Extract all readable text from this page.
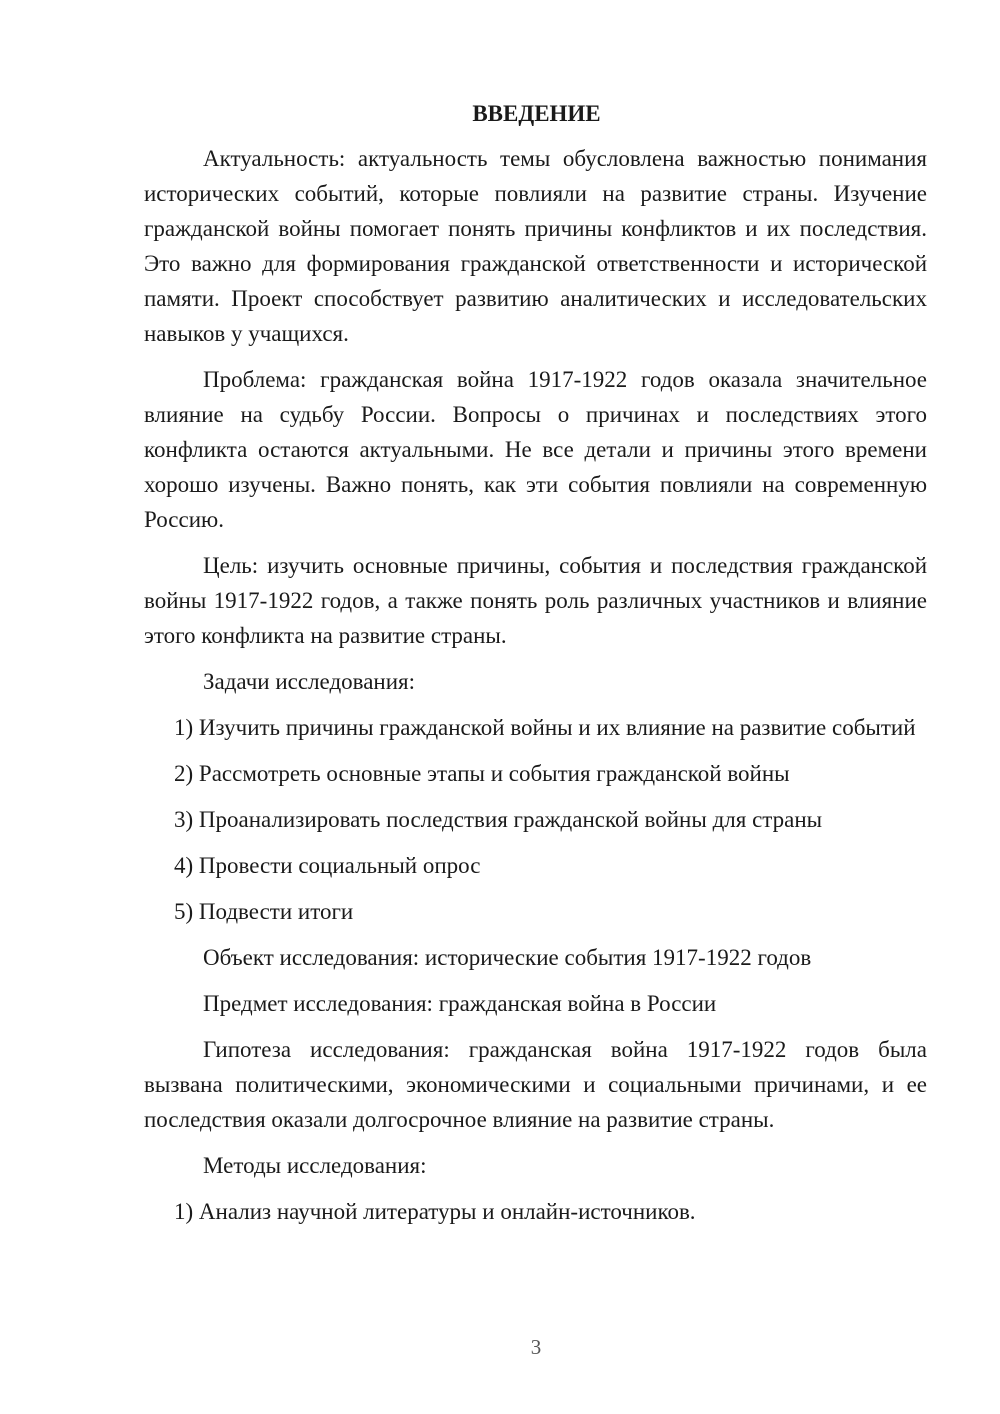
ВВЕДЕНИЕ

Актуальность: актуальность темы обусловлена важностью понимания исторических событий, которые повлияли на развитие страны. Изучение гражданской войны помогает понять причины конфликтов и их последствия. Это важно для формирования гражданской ответственности и исторической памяти. Проект способствует развитию аналитических и исследовательских навыков у учащихся.

Проблема: гражданская война 1917-1922 годов оказала значительное влияние на судьбу России. Вопросы о причинах и последствиях этого конфликта остаются актуальными. Не все детали и причины этого времени хорошо изучены. Важно понять, как эти события повлияли на современную Россию.

Цель: изучить основные причины, события и последствия гражданской войны 1917-1922 годов, а также понять роль различных участников и влияние этого конфликта на развитие страны.

Задачи исследования:

1) Изучить причины гражданской войны и их влияние на развитие событий

2) Рассмотреть основные этапы и события гражданской войны
3) Проанализировать последствия гражданской войны для страны
4) Провести социальный опрос
5) Подвести итоги
Объект исследования: исторические события 1917-1922 годов
Предмет исследования: гражданская война в России

Гипотеза исследования: гражданская война 1917-1922 годов была вызвана политическими, экономическими и социальными причинами, и ее последствия оказали долгосрочное влияние на развитие страны.

Методы исследования:
1) Анализ научной литературы и онлайн-источников.
3
